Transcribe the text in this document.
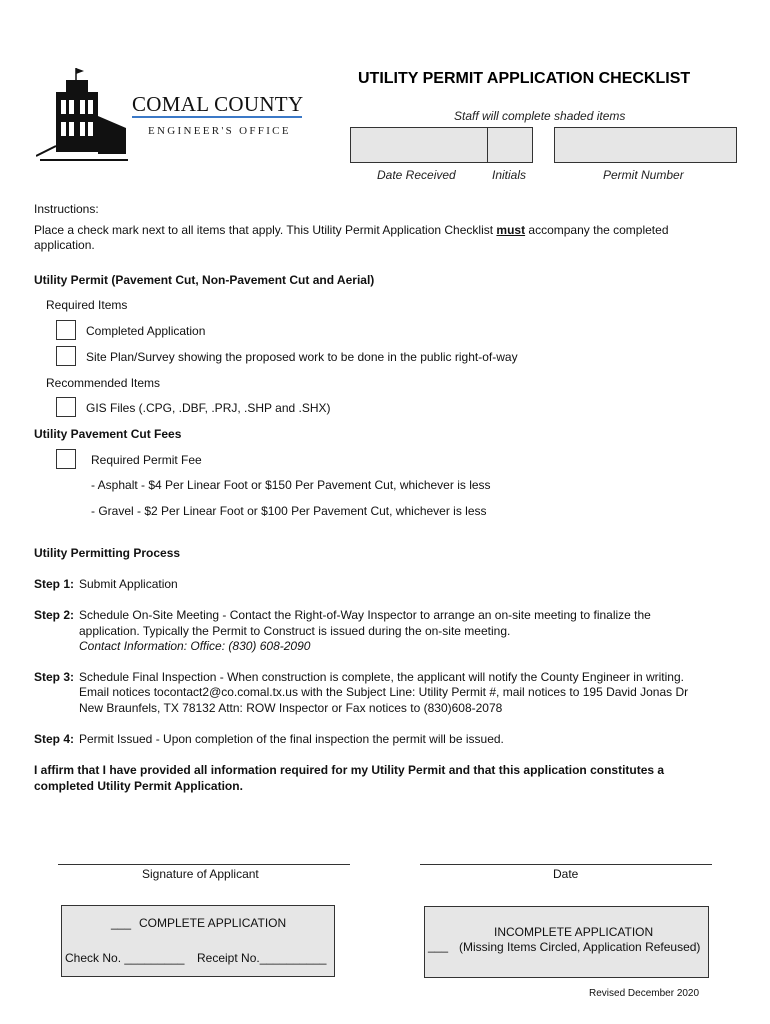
COMAL COUNTY
ENGINEER'S OFFICE
UTILITY PERMIT APPLICATION CHECKLIST
Staff will complete shaded items
Date Received	Initials	Permit Number
Instructions:
Place a check mark next to all items that apply. This Utility Permit Application Checklist must accompany the completed
application.
Utility Permit (Pavement Cut, Non-Pavement Cut and Aerial)
Required Items
Completed Application
Site Plan/Survey showing the proposed work to be done in the public right-of-way
Recommended Items
GIS Files (.CPG, .DBF, .PRJ, .SHP and .SHX)
Utility Pavement Cut Fees
Required Permit Fee
- Asphalt - $4 Per Linear Foot or $150 Per Pavement Cut, whichever is less
- Gravel - $2 Per Linear Foot or $100 Per Pavement Cut, whichever is less
Utility Permitting Process
Step 1: Submit Application
Step 2: Schedule On-Site Meeting - Contact the Right-of-Way Inspector to arrange an on-site meeting to finalize the
application. Typically the Permit to Construct is issued during the on-site meeting.
Contact Information: Office: (830) 608-2090
Step 3: Schedule Final Inspection - When construction is complete, the applicant will notify the County Engineer in writing.
Email notices tocontact2@co.comal.tx.us with the Subject Line: Utility Permit #, mail notices to 195 David Jonas Dr
New Braunfels, TX 78132 Attn: ROW Inspector or Fax notices to (830)608-2078
Step 4: Permit Issued - Upon completion of the final inspection the permit will be issued.
I affirm that I have provided all information required for my Utility Permit and that this application constitutes a
completed Utility Permit Application.
Signature of Applicant	Date
___ COMPLETE APPLICATION
Check No. _________ Receipt No.__________
INCOMPLETE APPLICATION
___ (Missing Items Circled, Application Refeused)
Revised December 2020
